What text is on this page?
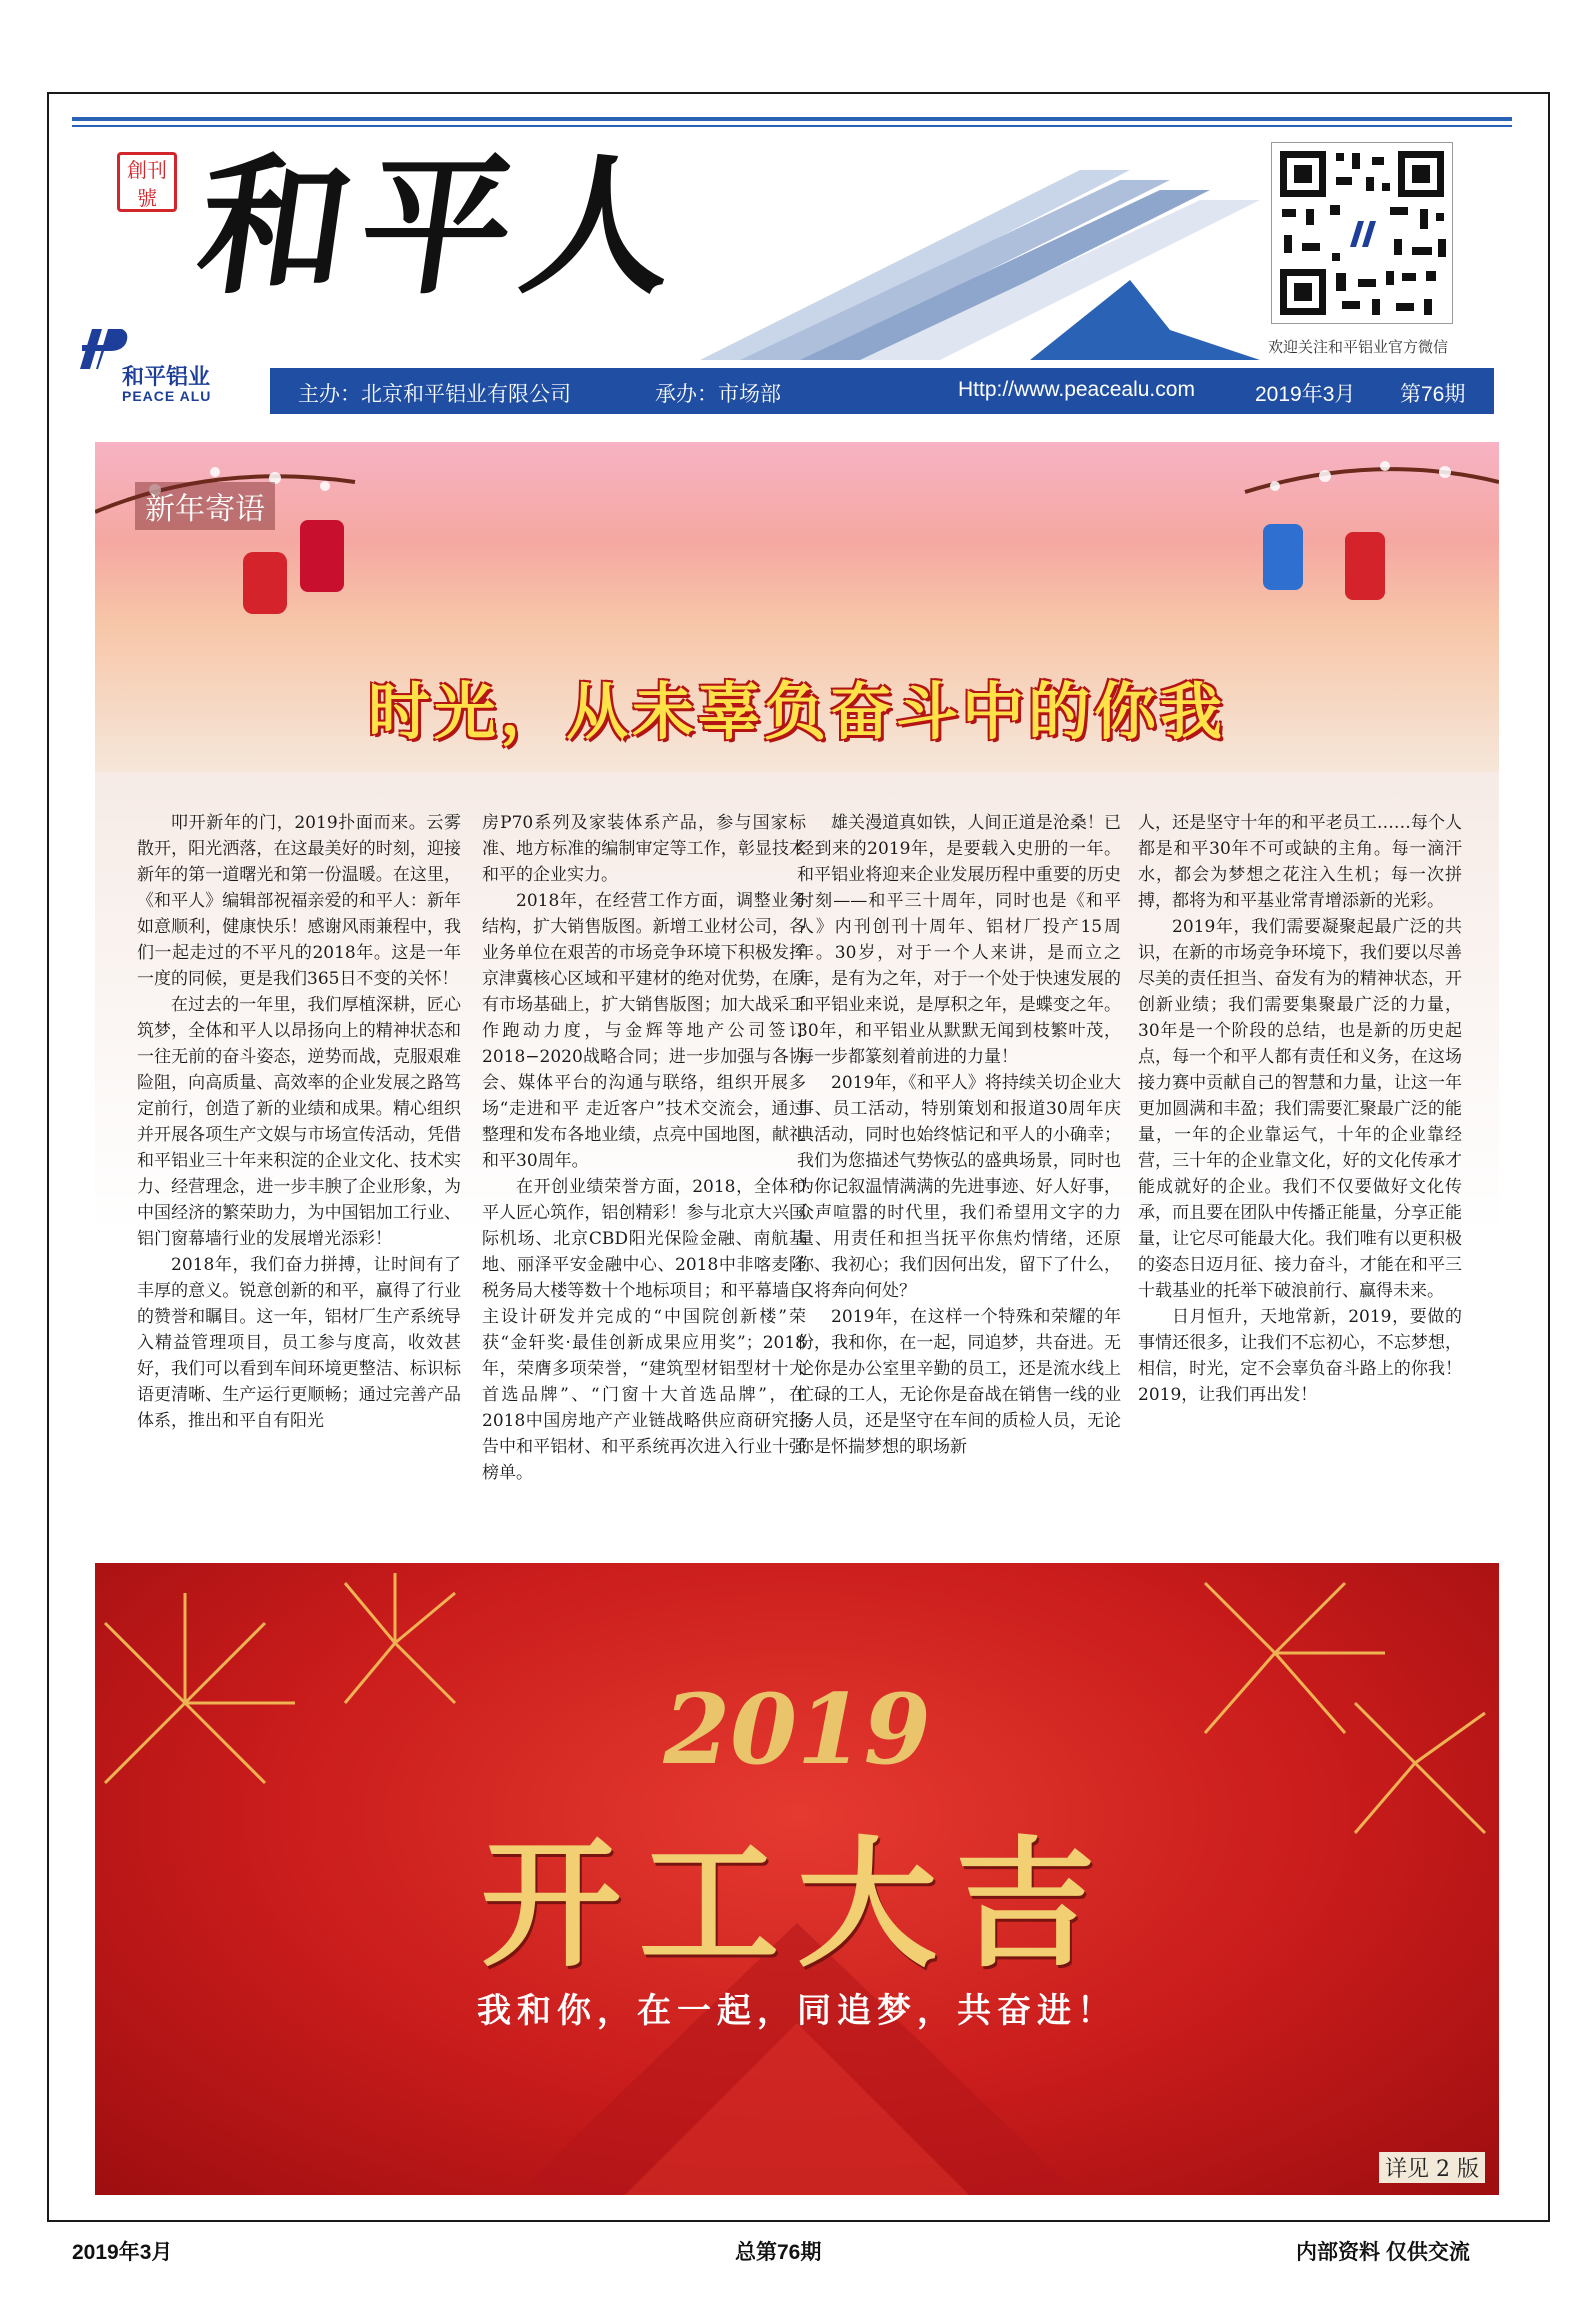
創刊號 和平人
和平铝业
PEACE ALU
欢迎关注和平铝业官方微信
主办：北京和平铝业有限公司	承办：市场部	Http://www.peacealu.com	2019年3月 第76期
新年寄语
时光，从未辜负奋斗中的你我

叩开新年的门，2019扑面而来。云雾散开，阳光洒落，在这最美好的时刻，迎接新年的第一道曙光和第一份温暖。在这里，《和平人》编辑部祝福亲爱的和平人：新年如意顺利，健康快乐！感谢风雨兼程中，我们一起走过的不平凡的2018年。这是一年一度的同候，更是我们365日不变的关怀！

在过去的一年里，我们厚植深耕，匠心筑梦，全体和平人以昂扬向上的精神状态和一往无前的奋斗姿态，逆势而战，克服艰难险阻，向高质量、高效率的企业发展之路笃定前行，创造了新的业绩和成果。精心组织并开展各项生产文娱与市场宣传活动，凭借和平铝业三十年来积淀的企业文化、技术实力、经营理念，进一步丰腴了企业形象，为中国经济的繁荣助力，为中国铝加工行业、铝门窗幕墙行业的发展增光添彩！

2018年，我们奋力拼搏，让时间有了丰厚的意义。锐意创新的和平，赢得了行业的赞誉和瞩目。这一年，铝材厂生产系统导入精益管理项目，员工参与度高，收效甚好，我们可以看到车间环境更整洁、标识标语更清晰、生产运行更顺畅；通过完善产品体系，推出和平自有阳光

房P70系列及家装体系产品，参与国家标准、地方标准的编制审定等工作，彰显技术和平的企业实力。

2018年，在经营工作方面，调整业务结构，扩大销售版图。新增工业材公司，各业务单位在艰苦的市场竞争环境下积极发挥京津冀核心区域和平建材的绝对优势，在原有市场基础上，扩大销售版图；加大战采工作跑动力度，与金辉等地产公司签订2018−2020战略合同；进一步加强与各协会、媒体平台的沟通与联络，组织开展多场“走进和平 走近客户”技术交流会，通过整理和发布各地业绩，点亮中国地图，献礼和平30周年。

在开创业绩荣誉方面，2018，全体和平人匠心筑作，铝创精彩！参与北京大兴国际机场、北京CBD阳光保险金融、南航基地、丽泽平安金融中心、2018中非喀麦隆税务局大楼等数十个地标项目；和平幕墙自主设计研发并完成的“中国院创新楼”荣获“金轩奖·最佳创新成果应用奖”；2018年，荣膺多项荣誉，“建筑型材铝型材十大首选品牌”、“门窗十大首选品牌”，在2018中国房地产产业链战略供应商研究报告中和平铝材、和平系统再次进入行业十强榜单。

雄关漫道真如铁，人间正道是沧桑！已经到来的2019年，是要载入史册的一年。和平铝业将迎来企业发展历程中重要的历史时刻——和平三十周年，同时也是《和平人》内刊创刊十周年、铝材厂投产15周年。30岁，对于一个人来讲，是而立之年，是有为之年，对于一个处于快速发展的和平铝业来说，是厚积之年，是蝶变之年。30年，和平铝业从默默无闻到枝繁叶茂，每一步都篆刻着前进的力量！

2019年，《和平人》将持续关切企业大事、员工活动，特别策划和报道30周年庆典活动，同时也始终惦记和平人的小确幸；我们为您描述气势恢弘的盛典场景，同时也为你记叙温情满满的先进事迹、好人好事，众声喧嚣的时代里，我们希望用文字的力量、用责任和担当抚平你焦灼情绪，还原你、我初心；我们因何出发，留下了什么，又将奔向何处？

2019年，在这样一个特殊和荣耀的年份，我和你，在一起，同追梦，共奋进。无论你是办公室里辛勤的员工，还是流水线上忙碌的工人，无论你是奋战在销售一线的业务人员，还是坚守在车间的质检人员，无论你是怀揣梦想的职场新

人，还是坚守十年的和平老员工……每个人都是和平30年不可或缺的主角。每一滴汗水，都会为梦想之花注入生机；每一次拼搏，都将为和平基业常青增添新的光彩。

2019年，我们需要凝聚起最广泛的共识，在新的市场竞争环境下，我们要以尽善尽美的责任担当、奋发有为的精神状态，开创新业绩；我们需要集聚最广泛的力量，30年是一个阶段的总结，也是新的历史起点，每一个和平人都有责任和义务，在这场接力赛中贡献自己的智慧和力量，让这一年更加圆满和丰盈；我们需要汇聚最广泛的能量，一年的企业靠运气，十年的企业靠经营，三十年的企业靠文化，好的文化传承才能成就好的企业。我们不仅要做好文化传承，而且要在团队中传播正能量，分享正能量，让它尽可能最大化。我们唯有以更积极的姿态日迈月征、接力奋斗，才能在和平三十载基业的托举下破浪前行、赢得未来。

日月恒升，天地常新，2019，要做的事情还很多，让我们不忘初心，不忘梦想，相信，时光，定不会辜负奋斗路上的你我！2019，让我们再出发！

2019
开工大吉
我和你，在一起，同追梦，共奋进！
详见 2 版
2019年3月	总第76期	内部资料 仅供交流
